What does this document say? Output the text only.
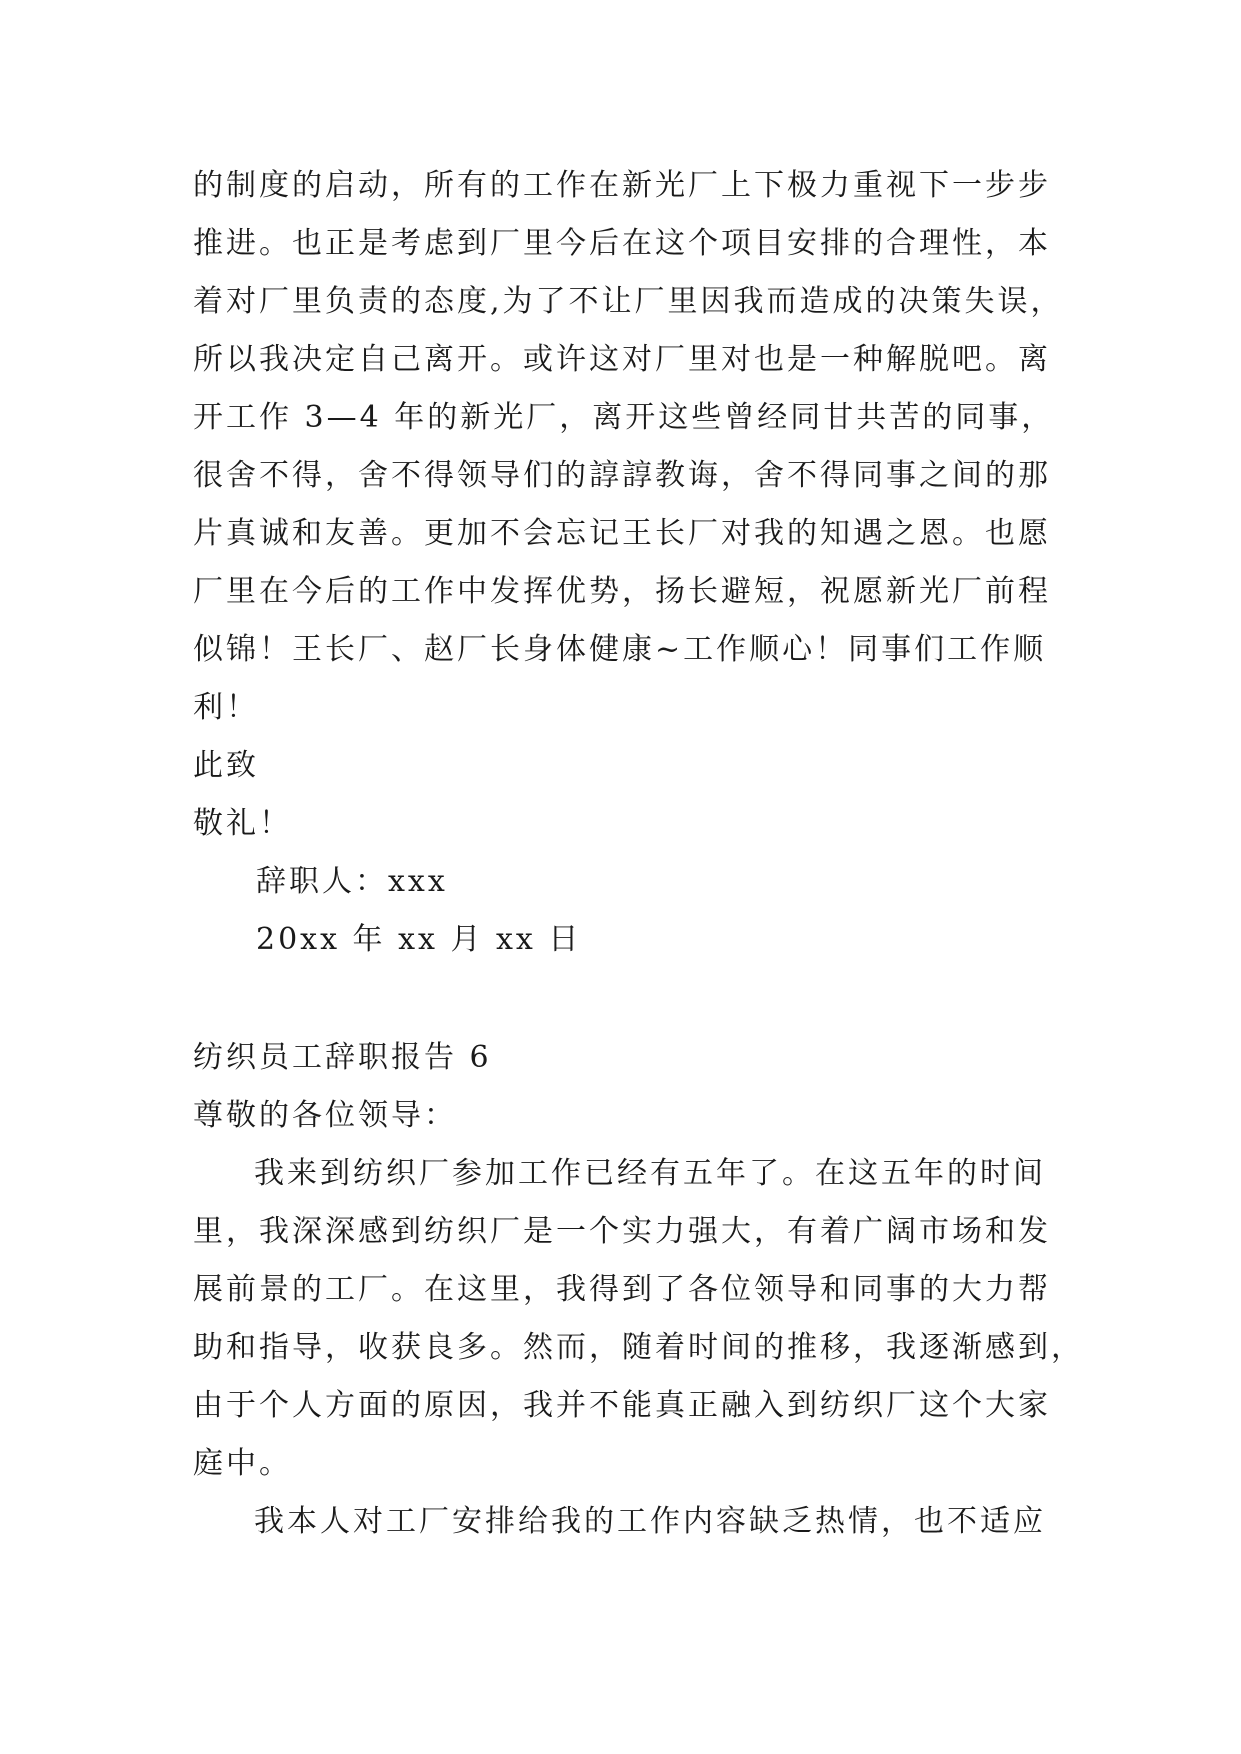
的制度的启动，所有的工作在新光厂上下极力重视下一步步
推进。也正是考虑到厂里今后在这个项目安排的合理性，本
着对厂里负责的态度,为了不让厂里因我而造成的决策失误，
所以我决定自己离开。或许这对厂里对也是一种解脱吧。离
开工作 3—4 年的新光厂，离开这些曾经同甘共苦的同事，
很舍不得，舍不得领导们的諄諄教诲，舍不得同事之间的那
片真诚和友善。更加不会忘记王长厂对我的知遇之恩。也愿
厂里在今后的工作中发挥优势，扬长避短，祝愿新光厂前程
似锦！王长厂、赵厂长身体健康~工作顺心！同事们工作顺
利！
此致
敬礼！
辞职人：xxx
20xx 年 xx 月 xx 日
纺织员工辞职报告 6
尊敬的各位领导：
我来到纺织厂参加工作已经有五年了。在这五年的时间
里，我深深感到纺织厂是一个实力强大，有着广阔市场和发
展前景的工厂。在这里，我得到了各位领导和同事的大力帮
助和指导，收获良多。然而，随着时间的推移，我逐渐感到，
由于个人方面的原因，我并不能真正融入到纺织厂这个大家
庭中。
我本人对工厂安排给我的工作内容缺乏热情，也不适应
